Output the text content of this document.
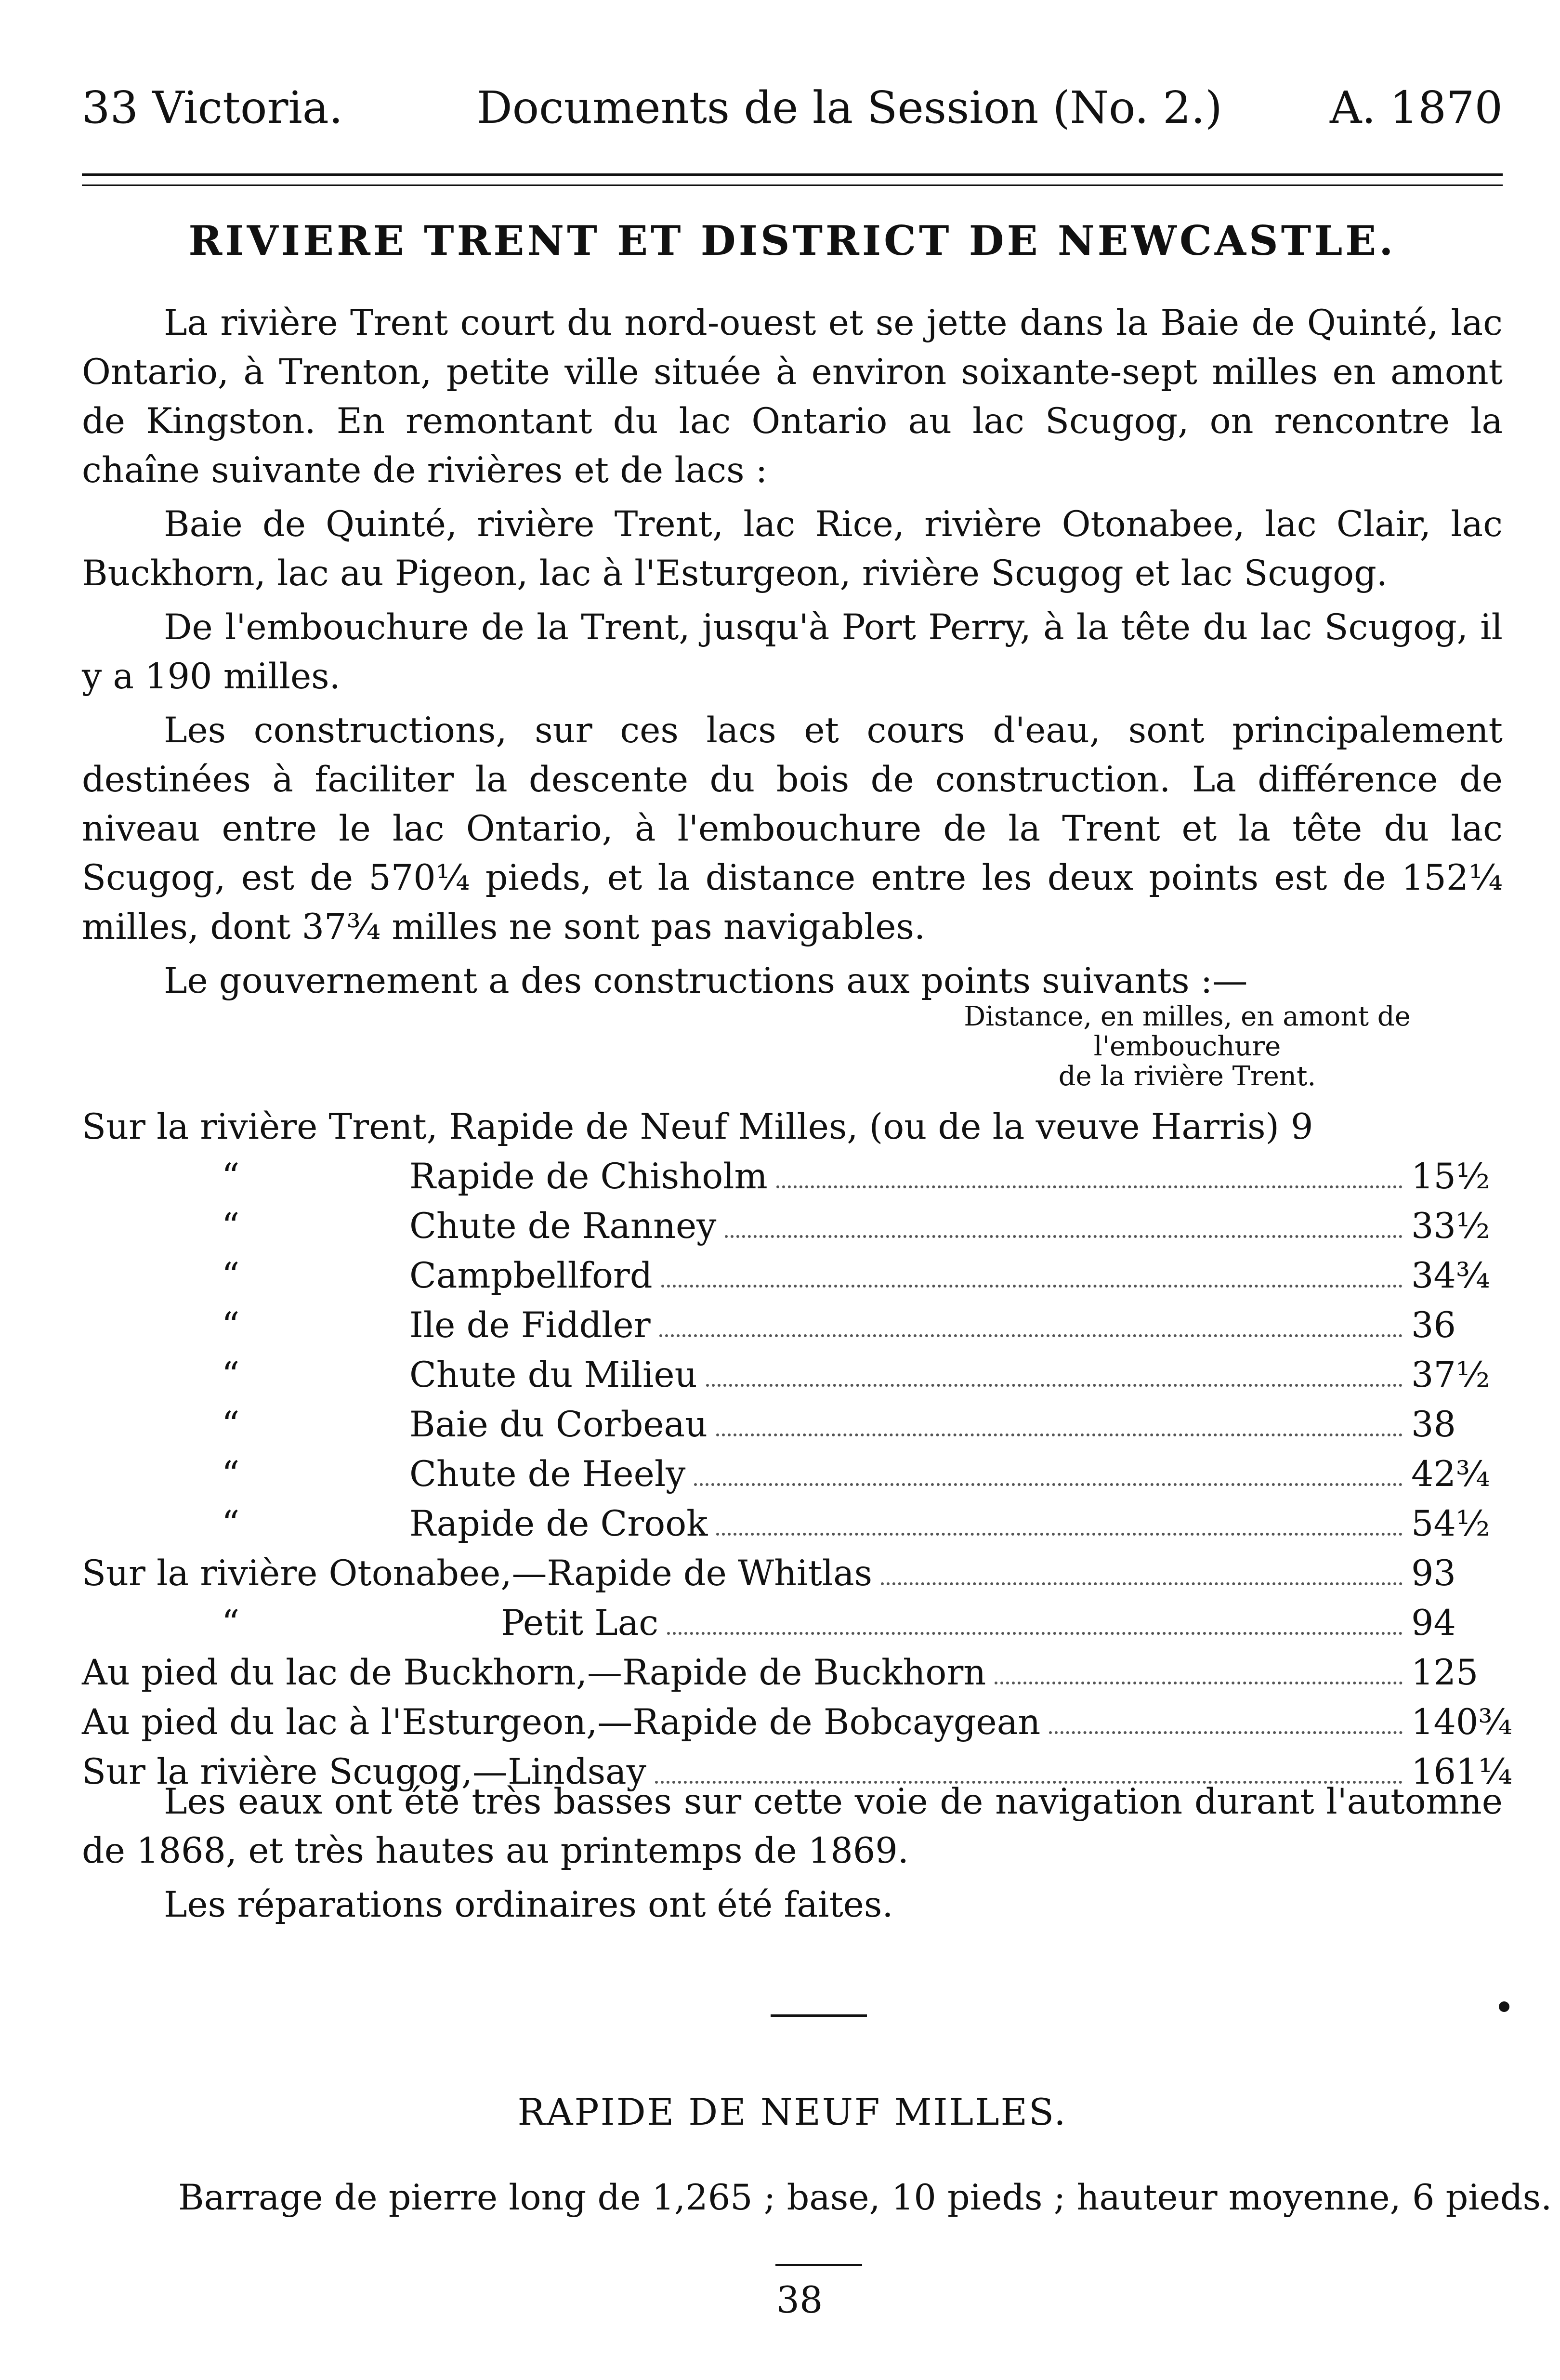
33 Victoria.	Documents de la Session (No. 2.) A. 1870
RIVIERE TRENT ET DISTRICT DE NEWCASTLE.

La rivière Trent court du nord-ouest et se jette dans la Baie de Quinté, lac Ontario, à Trenton, petite ville située à environ soixante-sept milles en amont de Kingston. En remontant du lac Ontario au lac Scugog, on rencontre la chaîne suivante de rivières et de lacs :

Baie de Quinté, rivière Trent, lac Rice, rivière Otonabee, lac Clair, lac Buckhorn, lac au Pigeon, lac à l'Esturgeon, rivière Scugog et lac Scugog.

De l'embouchure de la Trent, jusqu'à Port Perry, à la tête du lac Scugog, il y a 190 milles.

Les constructions, sur ces lacs et cours d'eau, sont principalement destinées à faciliter la descente du bois de construction. La différence de niveau entre le lac Ontario, à l'embouchure de la Trent et la tête du lac Scugog, est de 570¼ pieds, et la distance entre les deux points est de 152¼ milles, dont 37¾ milles ne sont pas navigables.

Le gouvernement a des constructions aux points suivants :—

Distance, en milles, en amont de l'embouchure
de la rivière Trent.
Sur la rivière Trent, Rapide de Neuf Milles, (ou de la veuve Harris) 9
“	Rapide de Chisholm	15½
“	Chute de Ranney	33½
“	Campbellford	34¾
“	Ile de Fiddler	36
“	Chute du Milieu	37½
“	Baie du Corbeau	38
“	Chute de Heely	42¾
“	Rapide de Crook	54½
Sur la rivière Otonabee,—Rapide de Whitlas	93
“	Petit Lac	94
Au pied du lac de Buckhorn,—Rapide de Buckhorn	125
Au pied du lac à l'Esturgeon,—Rapide de Bobcaygean	140¾
Sur la rivière Scugog,—Lindsay	161¼

Les eaux ont été très basses sur cette voie de navigation durant l'automne de 1868, et très hautes au printemps de 1869.

Les réparations ordinaires ont été faites.

RAPIDE DE NEUF MILLES.
Barrage de pierre long de 1,265 ; base, 10 pieds ; hauteur moyenne, 6 pieds.
38
